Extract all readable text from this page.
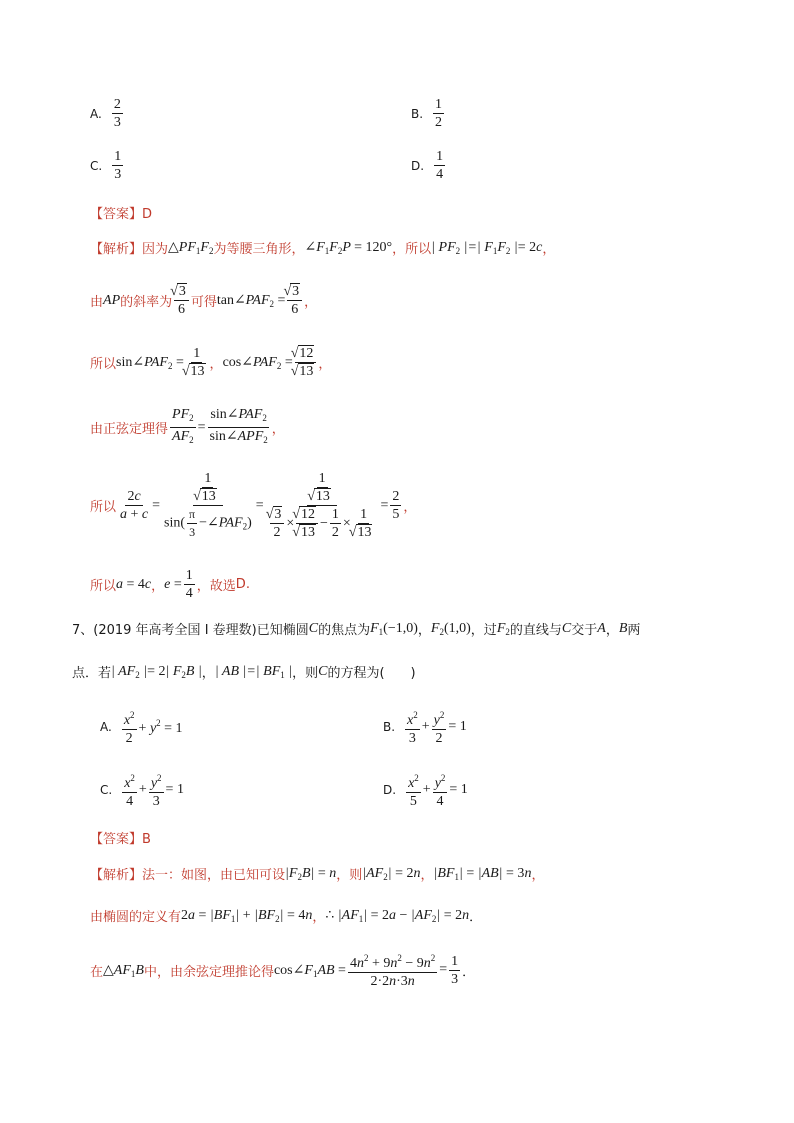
A. $\frac{2}{3}$	B. $\frac{1}{2}$
C. $\frac{1}{3}$	D. $\frac{1}{4}$
【答案】D
【解析】 因为 $\triangle PF_1F_2$ 为等腰三角形， $\angle F_1F_2P = 120^\circ$ ，所以 | $PF_2$ |=| $F_1F_2$ |= 2c ，
由 AP 的斜率为 √ $\frac{3}{6}$ 可得 $\tan\angle PAF_2$ = √ $\frac{3}{6}$ ，
所以 $\sin\angle PAF_2 = 1$
√ 13 ， $\cos\angle PAF_2$ = √ 12
√ 13 ，
由正弦定理得 $\frac{PF_2}{AF_2} = \frac{\sin\angle PAF_2}{\sin\angle APF_2}$ ，
所以 $\frac{2c}{a + c} = 1$
√ 13
$\sin( \frac{\pi}{3}$ $-\angle PAF_2) = 1$
√ 13
√ $\frac{3}{2}$ × √ 12
√ $13 - \frac{1}{2} \times 1$
√ $13 = \frac{2}{5}$ ，
所以 a = 4c ， $e = \frac{1}{4}$ ，故选 D .
7、(2019 年高考全国 I 卷理数)已知椭圆 C 的焦点为 $F_1(-1,0)$ ， $F_2(1,0)$ ，过 $F_2$ 的直线与 C 交于 A ， B 两
点．若 | $AF_2$ |= 2| $F_2B$ | ， | AB |=| $BF_1$ | ，则 C 的方程为(　　)
A. $\frac{x^2}{2} + y^2 = 1$	B. $\frac{x^2}{3} + \frac{y^2}{2} = 1$
C. $\frac{x^2}{4} + \frac{y^2}{3} = 1$	D. $\frac{x^2}{5} + \frac{y^2}{4} = 1$
【答案】B
【解析】 法一：如图，由已知可设 $|F_2B| = n$ ，则 $|AF_2| = 2n$ ， $|BF_1| = |AB| = 3n$ ，
由椭圆的定义有 $2a = |BF_1| + |BF_2| = 4n$ ， ∴ $|AF_1| = 2a - |AF_2| = 2n$ ．
在 $\triangle AF_1B$ 中，由余弦定理推论得 $\cos\angle F_1AB = \frac{4n^2 + 9n^2 - 9n^2}{2\cdot 2n\cdot 3n} = \frac{1}{3}$ ．
